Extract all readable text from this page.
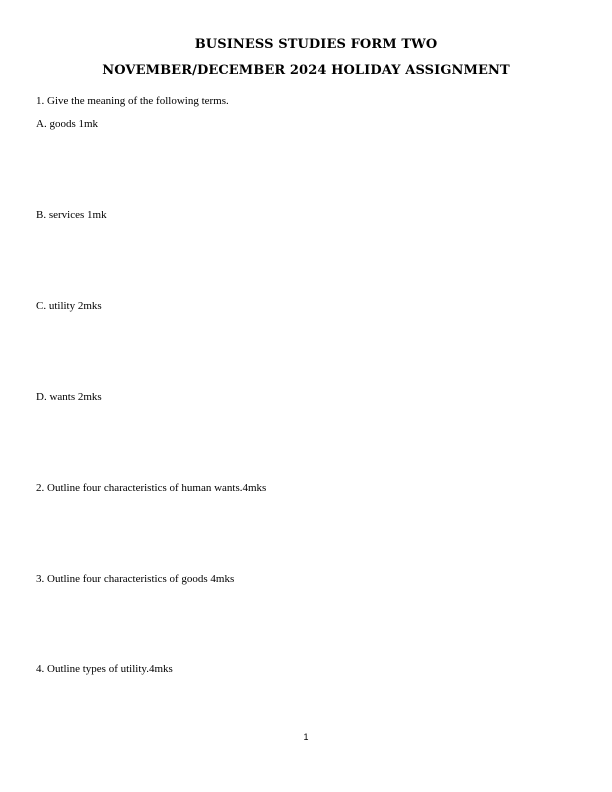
BUSINESS STUDIES FORM TWO
NOVEMBER/DECEMBER 2024 HOLIDAY ASSIGNMENT
1. Give the meaning of the following terms.
A. goods 1mk
B. services 1mk
C. utility 2mks
D. wants 2mks
2. Outline four characteristics of human wants.4mks
3. Outline four characteristics of goods 4mks
4. Outline types of utility.4mks
1
